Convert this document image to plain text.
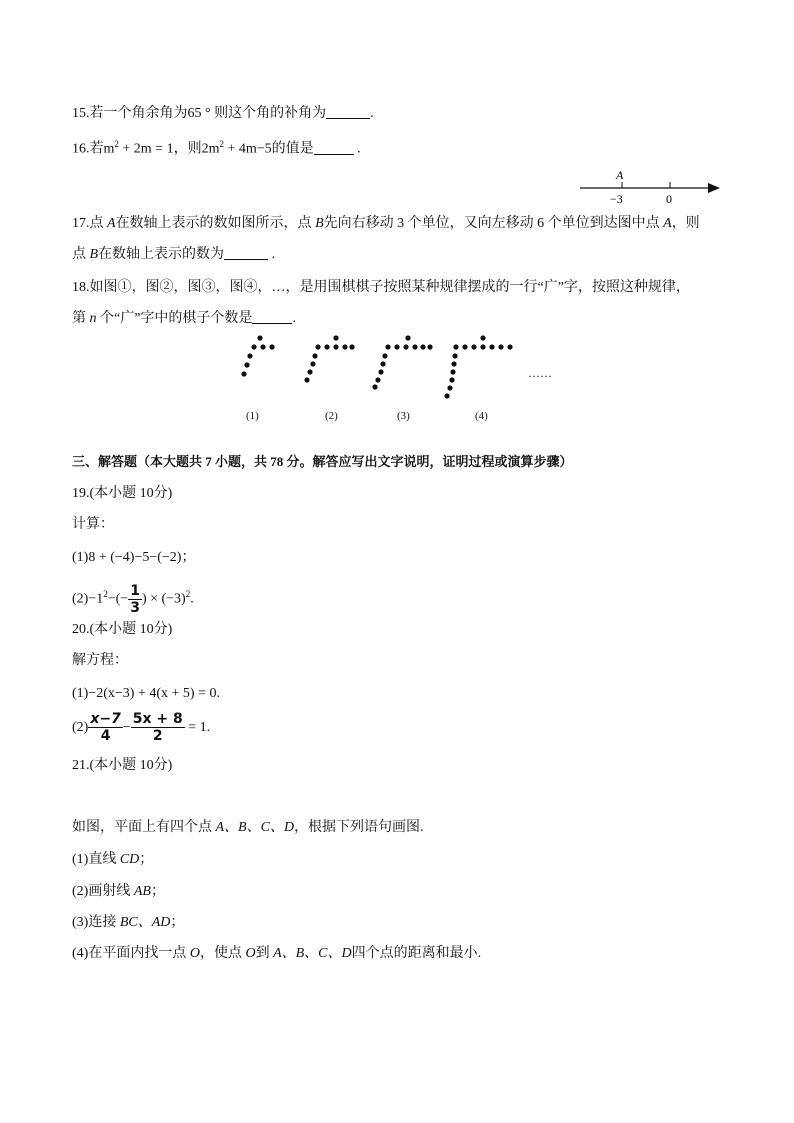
15.若一个角余角为65 ° 则这个角的补角为	.
16.若$m^2 + 2m = 1$，则$2m^2 + 4m-5$的值是	.
A
−3	0
17.点 A在数轴上表示的数如图所示，点 B先向右移动 3 个单位，又向左移动 6 个单位到达图中点 A，则
点 B在数轴上表示的数为	.
18.如图①，图②，图③，图④，…，是用围棋棋子按照某种规律摆成的一行“广”字，按照这种规律，
第 n 个“广”字中的棋子个数是	.
……
(1)	(2)	(3)	(4)
三、解答题（本大题共 7 小题，共 78 分。解答应写出文字说明，证明过程或演算步骤）
19.(本小题 10分)
计算：
(1)8 + (−4)−5−(−2)；
$(2)-1^2-(- \frac{1}{3}$ ) × $(-3)^2$.
20.(本小题 10分)
解方程：
(1)−2(x−3) + 4(x + 5) = 0.
$(2) \frac{x-7}{4} - \frac{5x + 8}{2} = 1$.
21.(本小题 10分)
如图，平面上有四个点 A、B、C、D，根据下列语句画图.
(1)直线 CD；
(2)画射线 AB；
(3)连接 BC、AD；
(4)在平面内找一点 O，使点 O到 A、B、C、D四个点的距离和最小.
